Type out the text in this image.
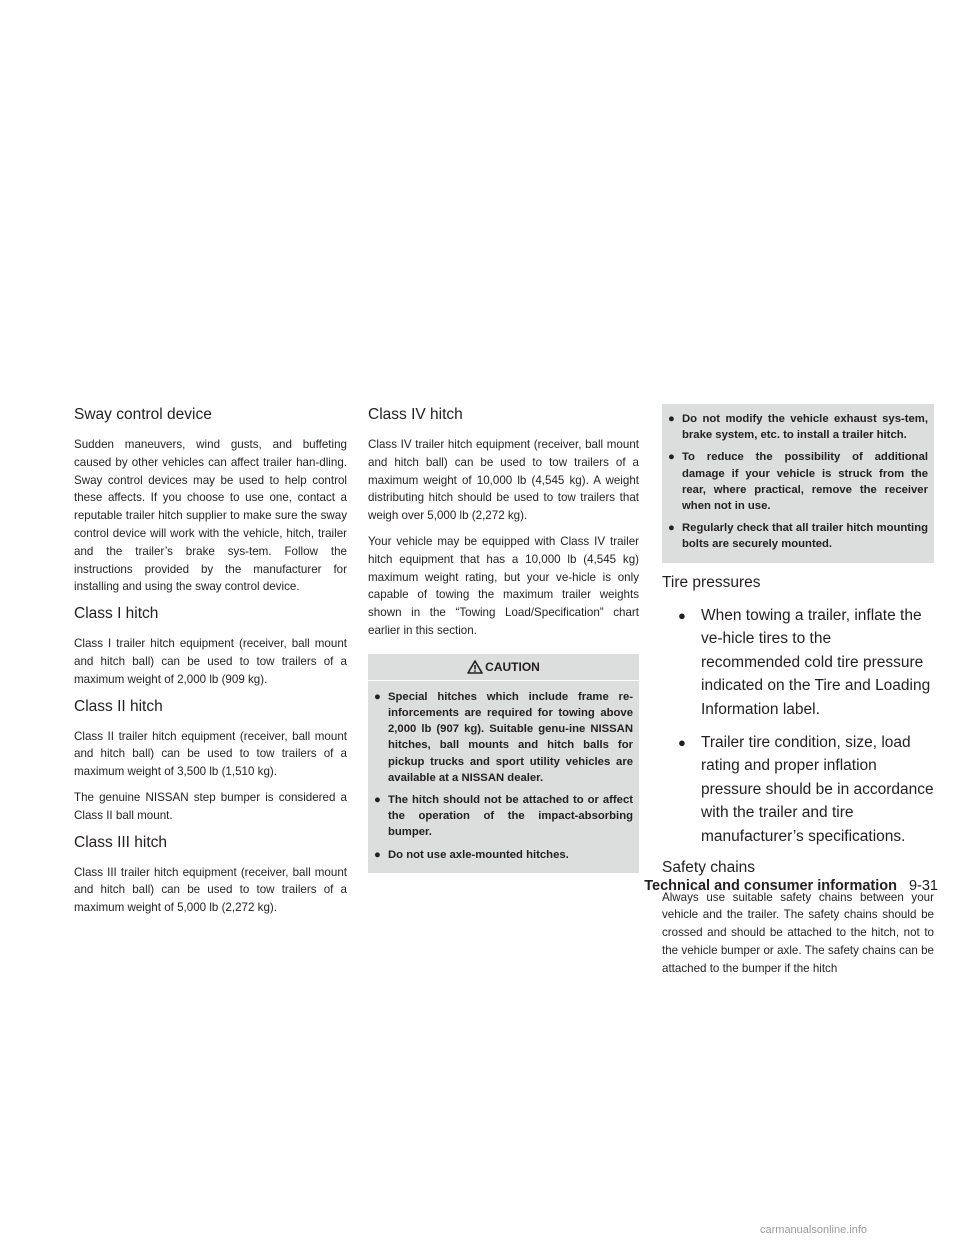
Sway control device

Sudden maneuvers, wind gusts, and buffeting caused by other vehicles can affect trailer han-dling. Sway control devices may be used to help control these affects. If you choose to use one, contact a reputable trailer hitch supplier to make sure the sway control device will work with the vehicle, hitch, trailer and the trailer’s brake sys-tem. Follow the instructions provided by the manufacturer for installing and using the sway control device.

Class I hitch

Class I trailer hitch equipment (receiver, ball mount and hitch ball) can be used to tow trailers of a maximum weight of 2,000 lb (909 kg).

Class II hitch

Class II trailer hitch equipment (receiver, ball mount and hitch ball) can be used to tow trailers of a maximum weight of 3,500 lb (1,510 kg).

The genuine NISSAN step bumper is considered a Class II ball mount.

Class III hitch

Class III trailer hitch equipment (receiver, ball mount and hitch ball) can be used to tow trailers of a maximum weight of 5,000 lb (2,272 kg).

Class IV hitch

Class IV trailer hitch equipment (receiver, ball mount and hitch ball) can be used to tow trailers of a maximum weight of 10,000 lb (4,545 kg). A weight distributing hitch should be used to tow trailers that weigh over 5,000 lb (2,272 kg).

Your vehicle may be equipped with Class IV trailer hitch equipment that has a 10,000 lb (4,545 kg) maximum weight rating, but your ve-hicle is only capable of towing the maximum trailer weights shown in the “Towing Load/Specification” chart earlier in this section.

CAUTION
● Special hitches which include frame re-inforcements are required for towing above 2,000 lb (907 kg). Suitable genu-ine NISSAN hitches, ball mounts and hitch balls for pickup trucks and sport utility vehicles are available at a NISSAN dealer.
● The hitch should not be attached to or affect the operation of the impact-absorbing bumper.
● Do not use axle-mounted hitches.
● Do not modify the vehicle exhaust sys-tem, brake system, etc. to install a trailer hitch.
● To reduce the possibility of additional damage if your vehicle is struck from the rear, where practical, remove the receiver when not in use.
● Regularly check that all trailer hitch mounting bolts are securely mounted.
Tire pressures
● When towing a trailer, inflate the ve-hicle tires to the recommended cold tire pressure indicated on the Tire and Loading Information label.
● Trailer tire condition, size, load rating and proper inflation pressure should be in accordance with the trailer and tire manufacturer’s specifications.
Safety chains

Always use suitable safety chains between your vehicle and the trailer. The safety chains should be crossed and should be attached to the hitch, not to the vehicle bumper or axle. The safety chains can be attached to the bumper if the hitch

Technical and consumer information 9-31
carmanualsonline.info
